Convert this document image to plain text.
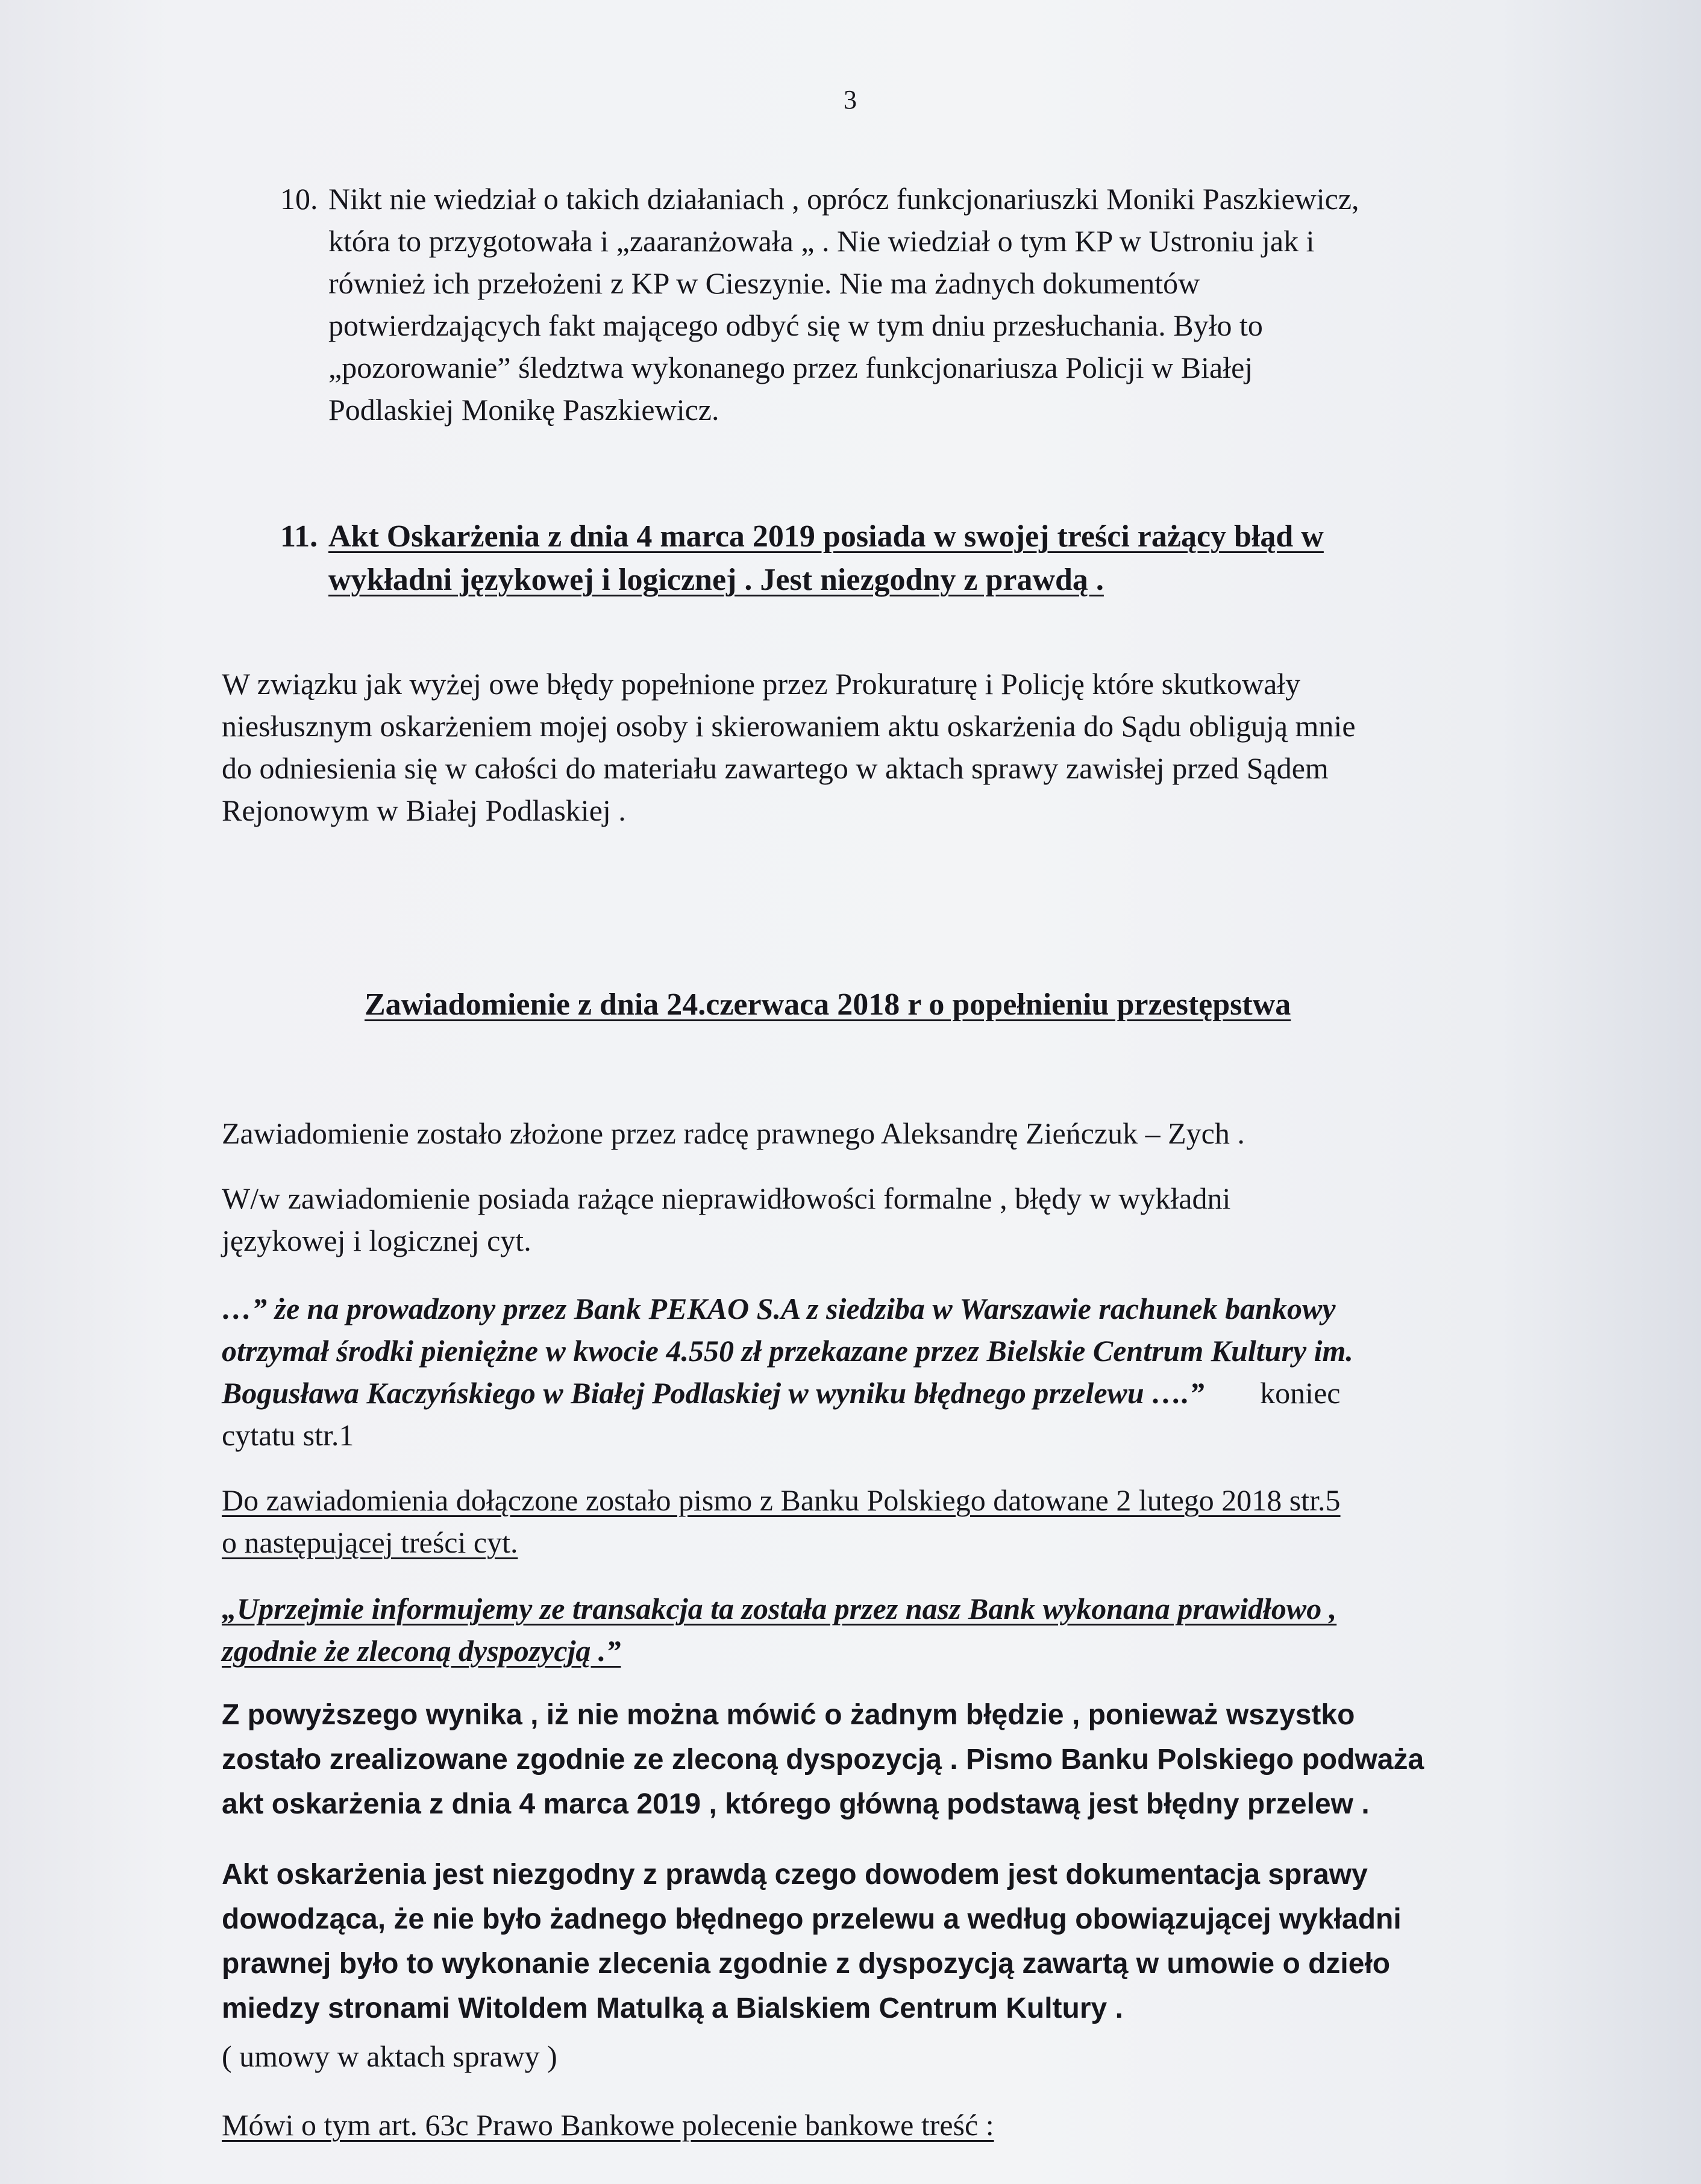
3
10. Nikt nie wiedział o takich działaniach , oprócz funkcjonariuszki Moniki Paszkiewicz,
która to przygotowała i „zaaranżowała „ . Nie wiedział o tym KP w Ustroniu jak i
również ich przełożeni z KP w Cieszynie. Nie ma żadnych dokumentów
potwierdzających fakt mającego odbyć się w tym dniu przesłuchania. Było to
„pozorowanie” śledztwa wykonanego przez funkcjonariusza Policji w Białej
Podlaskiej Monikę Paszkiewicz.
11. Akt Oskarżenia z dnia 4 marca 2019 posiada w swojej treści rażący błąd w
wykładni językowej i logicznej . Jest niezgodny z prawdą .
W związku jak wyżej owe błędy popełnione przez Prokuraturę i Policję które skutkowały
niesłusznym oskarżeniem mojej osoby i skierowaniem aktu oskarżenia do Sądu obligują mnie
do odniesienia się w całości do materiału zawartego w aktach sprawy zawisłej przed Sądem
Rejonowym w Białej Podlaskiej .
Zawiadomienie z dnia 24.czerwaca 2018 r o popełnieniu przestępstwa
Zawiadomienie zostało złożone przez radcę prawnego Aleksandrę Zieńczuk – Zych .
W/w zawiadomienie posiada rażące nieprawidłowości formalne , błędy w wykładni
językowej i logicznej cyt.
…” że na prowadzony przez Bank PEKAO S.A z siedziba w Warszawie rachunek bankowy
otrzymał środki pieniężne w kwocie 4.550 zł przekazane przez Bielskie Centrum Kultury im.
Bogusława Kaczyńskiego w Białej Podlaskiej w wyniku błędnego przelewu ….” koniec
cytatu str.1
Do zawiadomienia dołączone zostało pismo z Banku Polskiego datowane 2 lutego 2018 str.5
o następującej treści cyt.
„Uprzejmie informujemy ze transakcja ta została przez nasz Bank wykonana prawidłowo ,
zgodnie że zleconą dyspozycją .”
Z powyższego wynika , iż nie można mówić o żadnym błędzie , ponieważ wszystko
zostało zrealizowane zgodnie ze zleconą dyspozycją . Pismo Banku Polskiego podważa
akt oskarżenia z dnia 4 marca 2019 , którego główną podstawą jest błędny przelew .
Akt oskarżenia jest niezgodny z prawdą czego dowodem jest dokumentacja sprawy
dowodząca, że nie było żadnego błędnego przelewu a według obowiązującej wykładni
prawnej było to wykonanie zlecenia zgodnie z dyspozycją zawartą w umowie o dzieło
miedzy stronami Witoldem Matulką a Bialskiem Centrum Kultury .
( umowy w aktach sprawy )
Mówi o tym art. 63c Prawo Bankowe polecenie bankowe treść :
